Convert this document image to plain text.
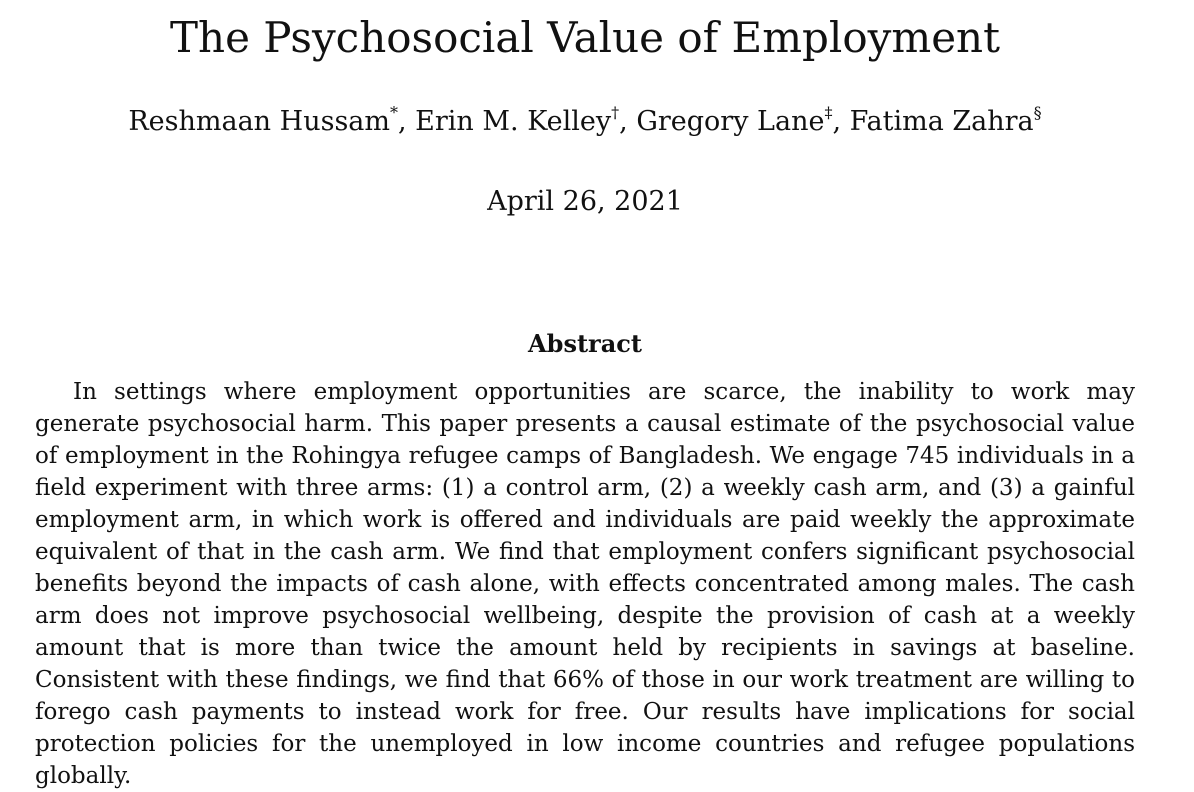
The Psychosocial Value of Employment
Reshmaan Hussam*, Erin M. Kelley†, Gregory Lane‡, Fatima Zahra§
April 26, 2021
Abstract

In settings where employment opportunities are scarce, the inability to work may generate psychosocial harm. This paper presents a causal estimate of the psychosocial value of employment in the Rohingya refugee camps of Bangladesh. We engage 745 individuals in a field experiment with three arms: (1) a control arm, (2) a weekly cash arm, and (3) a gainful employment arm, in which work is offered and individuals are paid weekly the approximate equivalent of that in the cash arm. We find that employment confers significant psychosocial benefits beyond the impacts of cash alone, with effects concentrated among males. The cash arm does not improve psychosocial wellbeing, despite the provision of cash at a weekly amount that is more than twice the amount held by recipients in savings at baseline. Consistent with these findings, we find that 66% of those in our work treatment are willing to forego cash payments to instead work for free. Our results have implications for social protection policies for the unemployed in low income countries and refugee populations globally.
